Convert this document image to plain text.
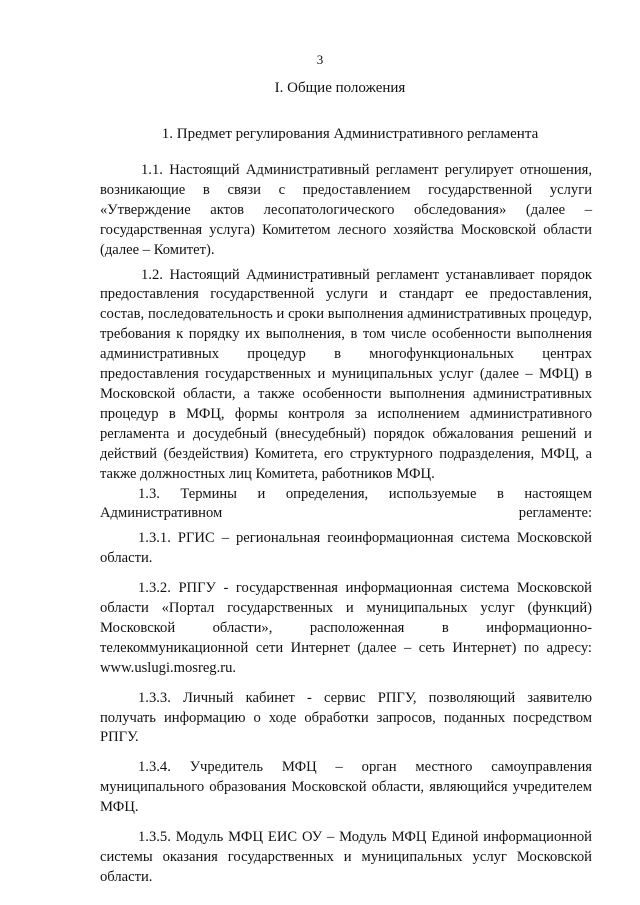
3
I. Общие положения
1. Предмет регулирования Административного регламента

1.1. Настоящий Административный регламент регулирует отношения, возникающие в связи с предоставлением государственной услуги «Утверждение актов лесопатологического обследования» (далее – государственная услуга) Комитетом лесного хозяйства Московской области (далее – Комитет).

1.2. Настоящий Административный регламент устанавливает порядок предоставления государственной услуги и стандарт ее предоставления, состав, последовательность и сроки выполнения административных процедур, требования к порядку их выполнения, в том числе особенности выполнения административных процедур в многофункциональных центрах предоставления государственных и муниципальных услуг (далее – МФЦ) в Московской области, а также особенности выполнения административных процедур в МФЦ, формы контроля за исполнением административного регламента и досудебный (внесудебный) порядок обжалования решений и действий (бездействия) Комитета, его структурного подразделения, МФЦ, а также должностных лиц Комитета, работников МФЦ.

1.3. Термины и определения, используемые в настоящем Административном регламенте:

1.3.1. РГИС – региональная геоинформационная система Московской области.

1.3.2. РПГУ - государственная информационная система Московской области «Портал государственных и муниципальных услуг (функций) Московской области», расположенная в информационно-телекоммуникационной сети Интернет (далее – сеть Интернет) по адресу: www.uslugi.mosreg.ru.

1.3.3. Личный кабинет - сервис РПГУ, позволяющий заявителю получать информацию о ходе обработки запросов, поданных посредством РПГУ.

1.3.4. Учредитель МФЦ – орган местного самоуправления муниципального образования Московской области, являющийся учредителем МФЦ.

1.3.5. Модуль МФЦ ЕИС ОУ – Модуль МФЦ Единой информационной системы оказания государственных и муниципальных услуг Московской области.
